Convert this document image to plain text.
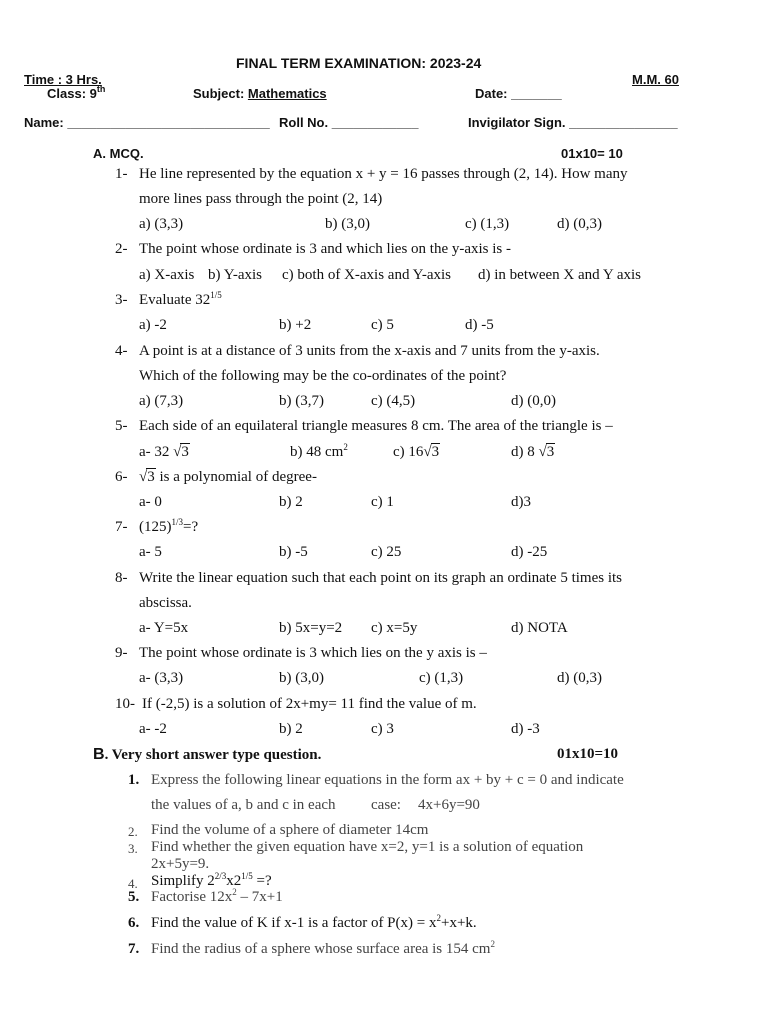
FINAL TERM EXAMINATION: 2023-24
Time : 3 Hrs.	M.M. 60
Class: 9th	Subject: Mathematics	Date: _______
Name: ____________________________ Roll No. ____________	Invigilator Sign. _______________
A. MCQ.	01x10= 10
1- He line represented by the equation x + y = 16 passes through (2, 14). How many
more lines pass through the point (2, 14)
a) (3,3)	b) (3,0)	c) (1,3)	d) (0,3)
2- The point whose ordinate is 3 and which lies on the y-axis is -
a) X-axis b) Y-axis c) both of X-axis and Y-axis d) in between X and Y axis
3- Evaluate $32^{1/5}$
a) -2	b) +2	c) 5	d) -5
4- A point is at a distance of 3 units from the x-axis and 7 units from the y-axis.
Which of the following may be the co-ordinates of the point?
a) (7,3)	b) (3,7)	c) (4,5)	d) (0,0)
5- Each side of an equilateral triangle measures 8 cm. The area of the triangle is –
a- 32 √3	b) 48 $cm^2$	c) 16√3	d) 8 √3
6- √3 is a polynomial of degree-
a- 0	b) 2	c) 1	d)3
7- $(125)^{1/3}=$?
a- 5	b) -5	c) 25	d) -25
8- Write the linear equation such that each point on its graph an ordinate 5 times its
abscissa.
a- Y=5x	b) 5x=y=2 c) x=5y	d) NOTA
9- The point whose ordinate is 3 which lies on the y axis is –
a- (3,3)	b) (3,0)	c) (1,3)	d) (0,3)
10- If (-2,5) is a solution of 2x+my= 11 find the value of m.
a- -2	b) 2	c) 3	d) -3
B. Very short answer type question.	01x10=10
1. Express the following linear equations in the form ax + by + c = 0 and indicate
the values of a, b and c in each case: 4x+6y=90
2. Find the volume of a sphere of diameter 14cm
3. Find whether the given equation have x=2, y=1 is a solution of equation
2x+5y=9.
4. Simplify $2^{2/3}x2^{1/5}$ =?
5. Factorise $12x^2 - 7x+1$
6. Find the value of K if x-1 is a factor of $P(x) = x^2+x+k$.
7. Find the radius of a sphere whose surface area is 154 $cm^2$
